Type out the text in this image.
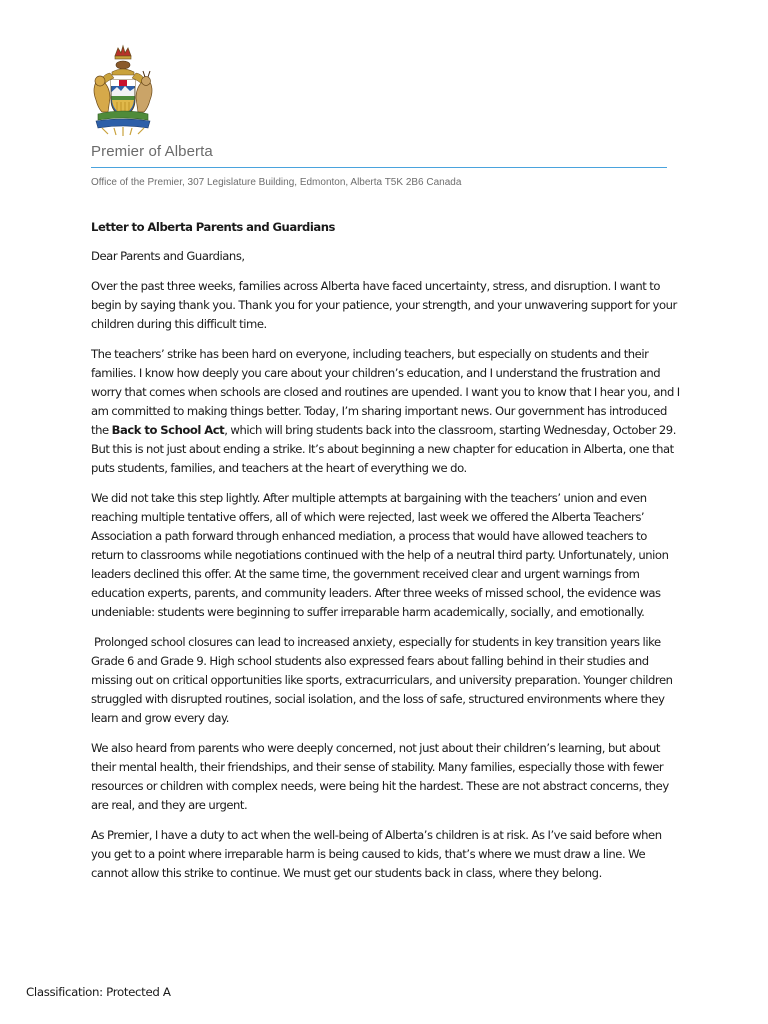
Premier of Alberta
Office of the Premier, 307 Legislature Building, Edmonton, Alberta T5K 2B6 Canada

Letter to Alberta Parents and Guardians

Dear Parents and Guardians,

Over the past three weeks, families across Alberta have faced uncertainty, stress, and disruption. I want to begin by saying thank you. Thank you for your patience, your strength, and your unwavering support for your children during this difficult time.

The teachers’ strike has been hard on everyone, including teachers, but especially on students and their families. I know how deeply you care about your children’s education, and I understand the frustration and worry that comes when schools are closed and routines are upended. I want you to know that I hear you, and I am committed to making things better. Today, I’m sharing important news. Our government has introduced the Back to School Act, which will bring students back into the classroom, starting Wednesday, October 29. But this is not just about ending a strike. It’s about beginning a new chapter for education in Alberta, one that puts students, families, and teachers at the heart of everything we do.

We did not take this step lightly. After multiple attempts at bargaining with the teachers’ union and even reaching multiple tentative offers, all of which were rejected, last week we offered the Alberta Teachers’ Association a path forward through enhanced mediation, a process that would have allowed teachers to return to classrooms while negotiations continued with the help of a neutral third party. Unfortunately, union leaders declined this offer. At the same time, the government received clear and urgent warnings from education experts, parents, and community leaders. After three weeks of missed school, the evidence was undeniable: students were beginning to suffer irreparable harm academically, socially, and emotionally.

Prolonged school closures can lead to increased anxiety, especially for students in key transition years like Grade 6 and Grade 9. High school students also expressed fears about falling behind in their studies and missing out on critical opportunities like sports, extracurriculars, and university preparation. Younger children struggled with disrupted routines, social isolation, and the loss of safe, structured environments where they learn and grow every day.

We also heard from parents who were deeply concerned, not just about their children’s learning, but about their mental health, their friendships, and their sense of stability. Many families, especially those with fewer resources or children with complex needs, were being hit the hardest. These are not abstract concerns, they are real, and they are urgent.

As Premier, I have a duty to act when the well-being of Alberta’s children is at risk. As I’ve said before when you get to a point where irreparable harm is being caused to kids, that’s where we must draw a line. We cannot allow this strike to continue. We must get our students back in class, where they belong.

Classification: Protected A
